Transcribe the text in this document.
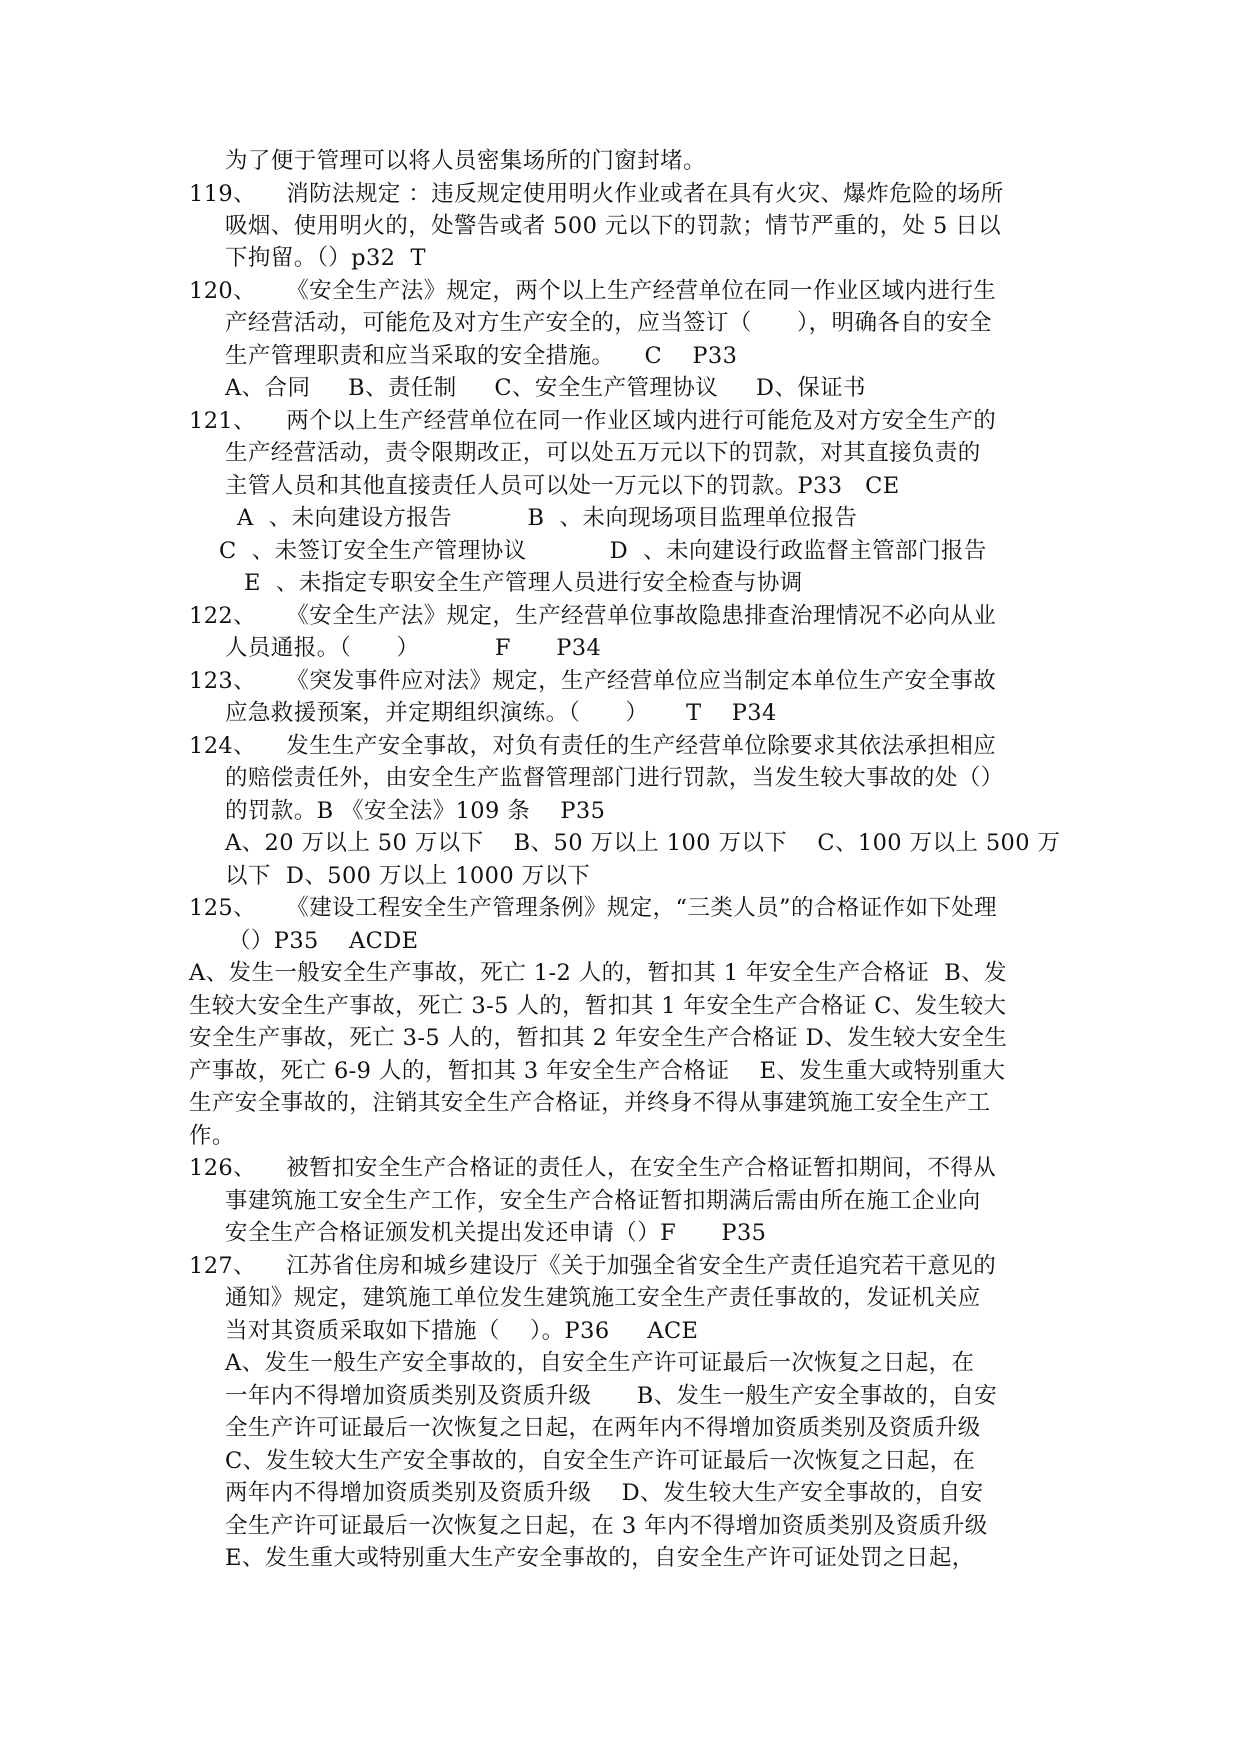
为了便于管理可以将人员密集场所的门窗封堵。
119、    消防法规定 ：违反规定使用明火作业或者在具有火灾、爆炸危险的场所
吸烟、使用明火的，处警告或者 500 元以下的罚款；情节严重的，处 5 日以
下拘留。（）p32  T
120、    《安全生产法》规定，两个以上生产经营单位在同一作业区域内进行生
产经营活动，可能危及对方生产安全的，应当签订（      ），明确各自的安全
生产管理职责和应当采取的安全措施。    C    P33
A、合同     B、责任制     C、安全生产管理协议     D、保证书
121、    两个以上生产经营单位在同一作业区域内进行可能危及对方安全生产的
生产经营活动，责令限期改正，可以处五万元以下的罚款，对其直接负责的
主管人员和其他直接责任人员可以处一万元以下的罚款。P33   CE
A  、未向建设方报告          B  、未向现场项目监理单位报告
C  、未签订安全生产管理协议           D  、未向建设行政监督主管部门报告
E  、未指定专职安全生产管理人员进行安全检查与协调
122、    《安全生产法》规定，生产经营单位事故隐患排查治理情况不必向从业
人员通报。（      ）          F      P34
123、    《突发事件应对法》规定，生产经营单位应当制定本单位生产安全事故
应急救援预案，并定期组织演练。（      ）     T    P34
124、    发生生产安全事故，对负有责任的生产经营单位除要求其依法承担相应
的赔偿责任外，由安全生产监督管理部门进行罚款，当发生较大事故的处（）
的罚款。B 《安全法》109 条    P35
A、20 万以上 50 万以下    B、50 万以上 100 万以下    C、100 万以上 500 万
以下  D、500 万以上 1000 万以下
125、    《建设工程安全生产管理条例》规定，“三类人员”的合格证作如下处理
（）P35    ACDE
A、发生一般安全生产事故，死亡 1-2 人的，暂扣其 1 年安全生产合格证  B、发
生较大安全生产事故，死亡 3-5 人的，暂扣其 1 年安全生产合格证 C、发生较大
安全生产事故，死亡 3-5 人的，暂扣其 2 年安全生产合格证 D、发生较大安全生
产事故，死亡 6-9 人的，暂扣其 3 年安全生产合格证    E、发生重大或特别重大
生产安全事故的，注销其安全生产合格证，并终身不得从事建筑施工安全生产工
作。
126、    被暂扣安全生产合格证的责任人，在安全生产合格证暂扣期间，不得从
事建筑施工安全生产工作，安全生产合格证暂扣期满后需由所在施工企业向
安全生产合格证颁发机关提出发还申请（）F      P35
127、    江苏省住房和城乡建设厅《关于加强全省安全生产责任追究若干意见的
通知》规定，建筑施工单位发生建筑施工安全生产责任事故的，发证机关应
当对其资质采取如下措施（    ）。P36     ACE
A、发生一般生产安全事故的，自安全生产许可证最后一次恢复之日起，在
一年内不得增加资质类别及资质升级      B、发生一般生产安全事故的，自安
全生产许可证最后一次恢复之日起，在两年内不得增加资质类别及资质升级
C、发生较大生产安全事故的，自安全生产许可证最后一次恢复之日起，在
两年内不得增加资质类别及资质升级    D、发生较大生产安全事故的，自安
全生产许可证最后一次恢复之日起，在 3 年内不得增加资质类别及资质升级
E、发生重大或特别重大生产安全事故的，自安全生产许可证处罚之日起，
